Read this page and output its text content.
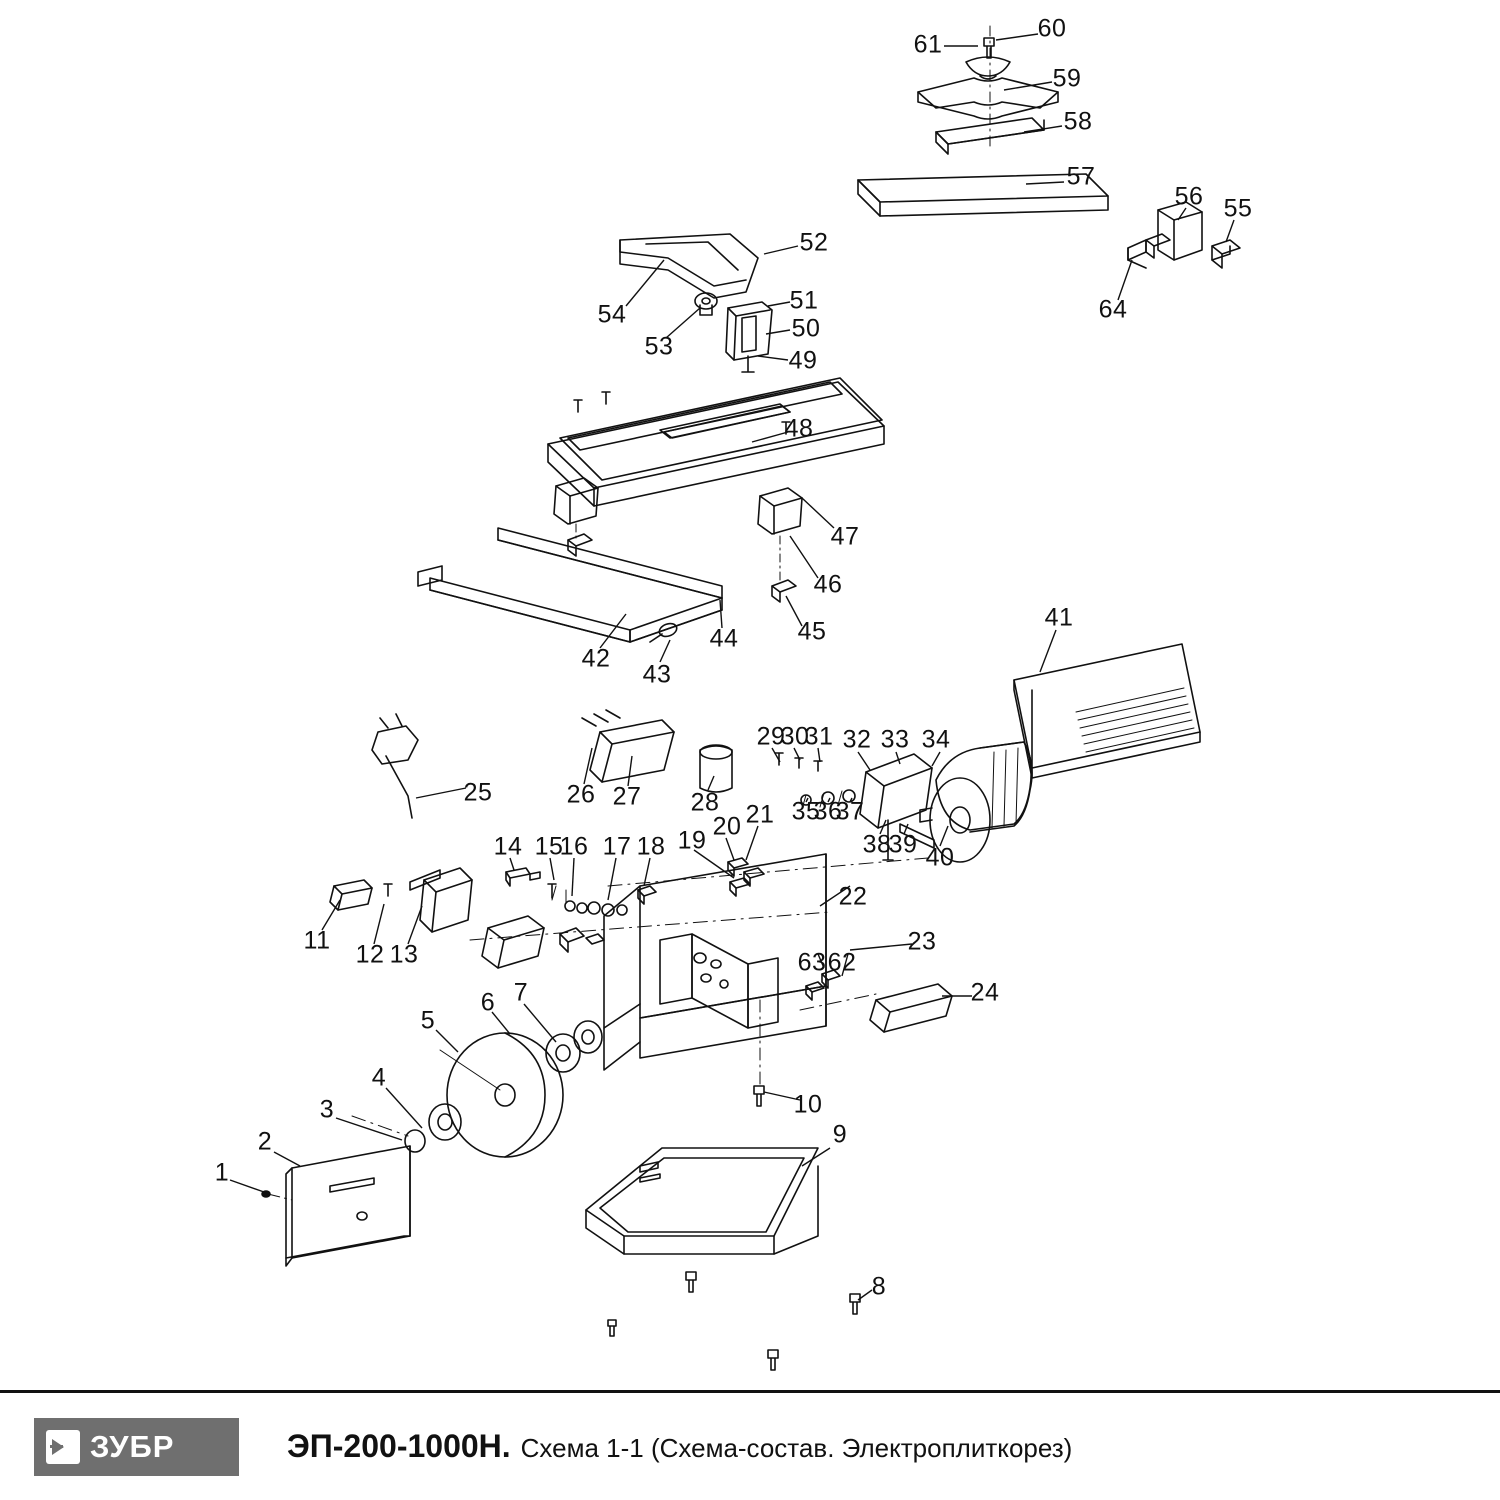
60
61
59
58
57
56 55
52
64
54	51
50
53	49
48
47
46
41
45
44
42
43
29
30
31 32 33 34
25	26 27 28	35
36
37
21
20
19	38
39 40
14 15
16 17 18
22
11 12 13	23
63 62
24
6 7
5
4
10
3
9
2
1
8
ЗУБР	ЭП-200-1000Н. Схема 1-1 (Схема-состав. Электроплиткорез)
